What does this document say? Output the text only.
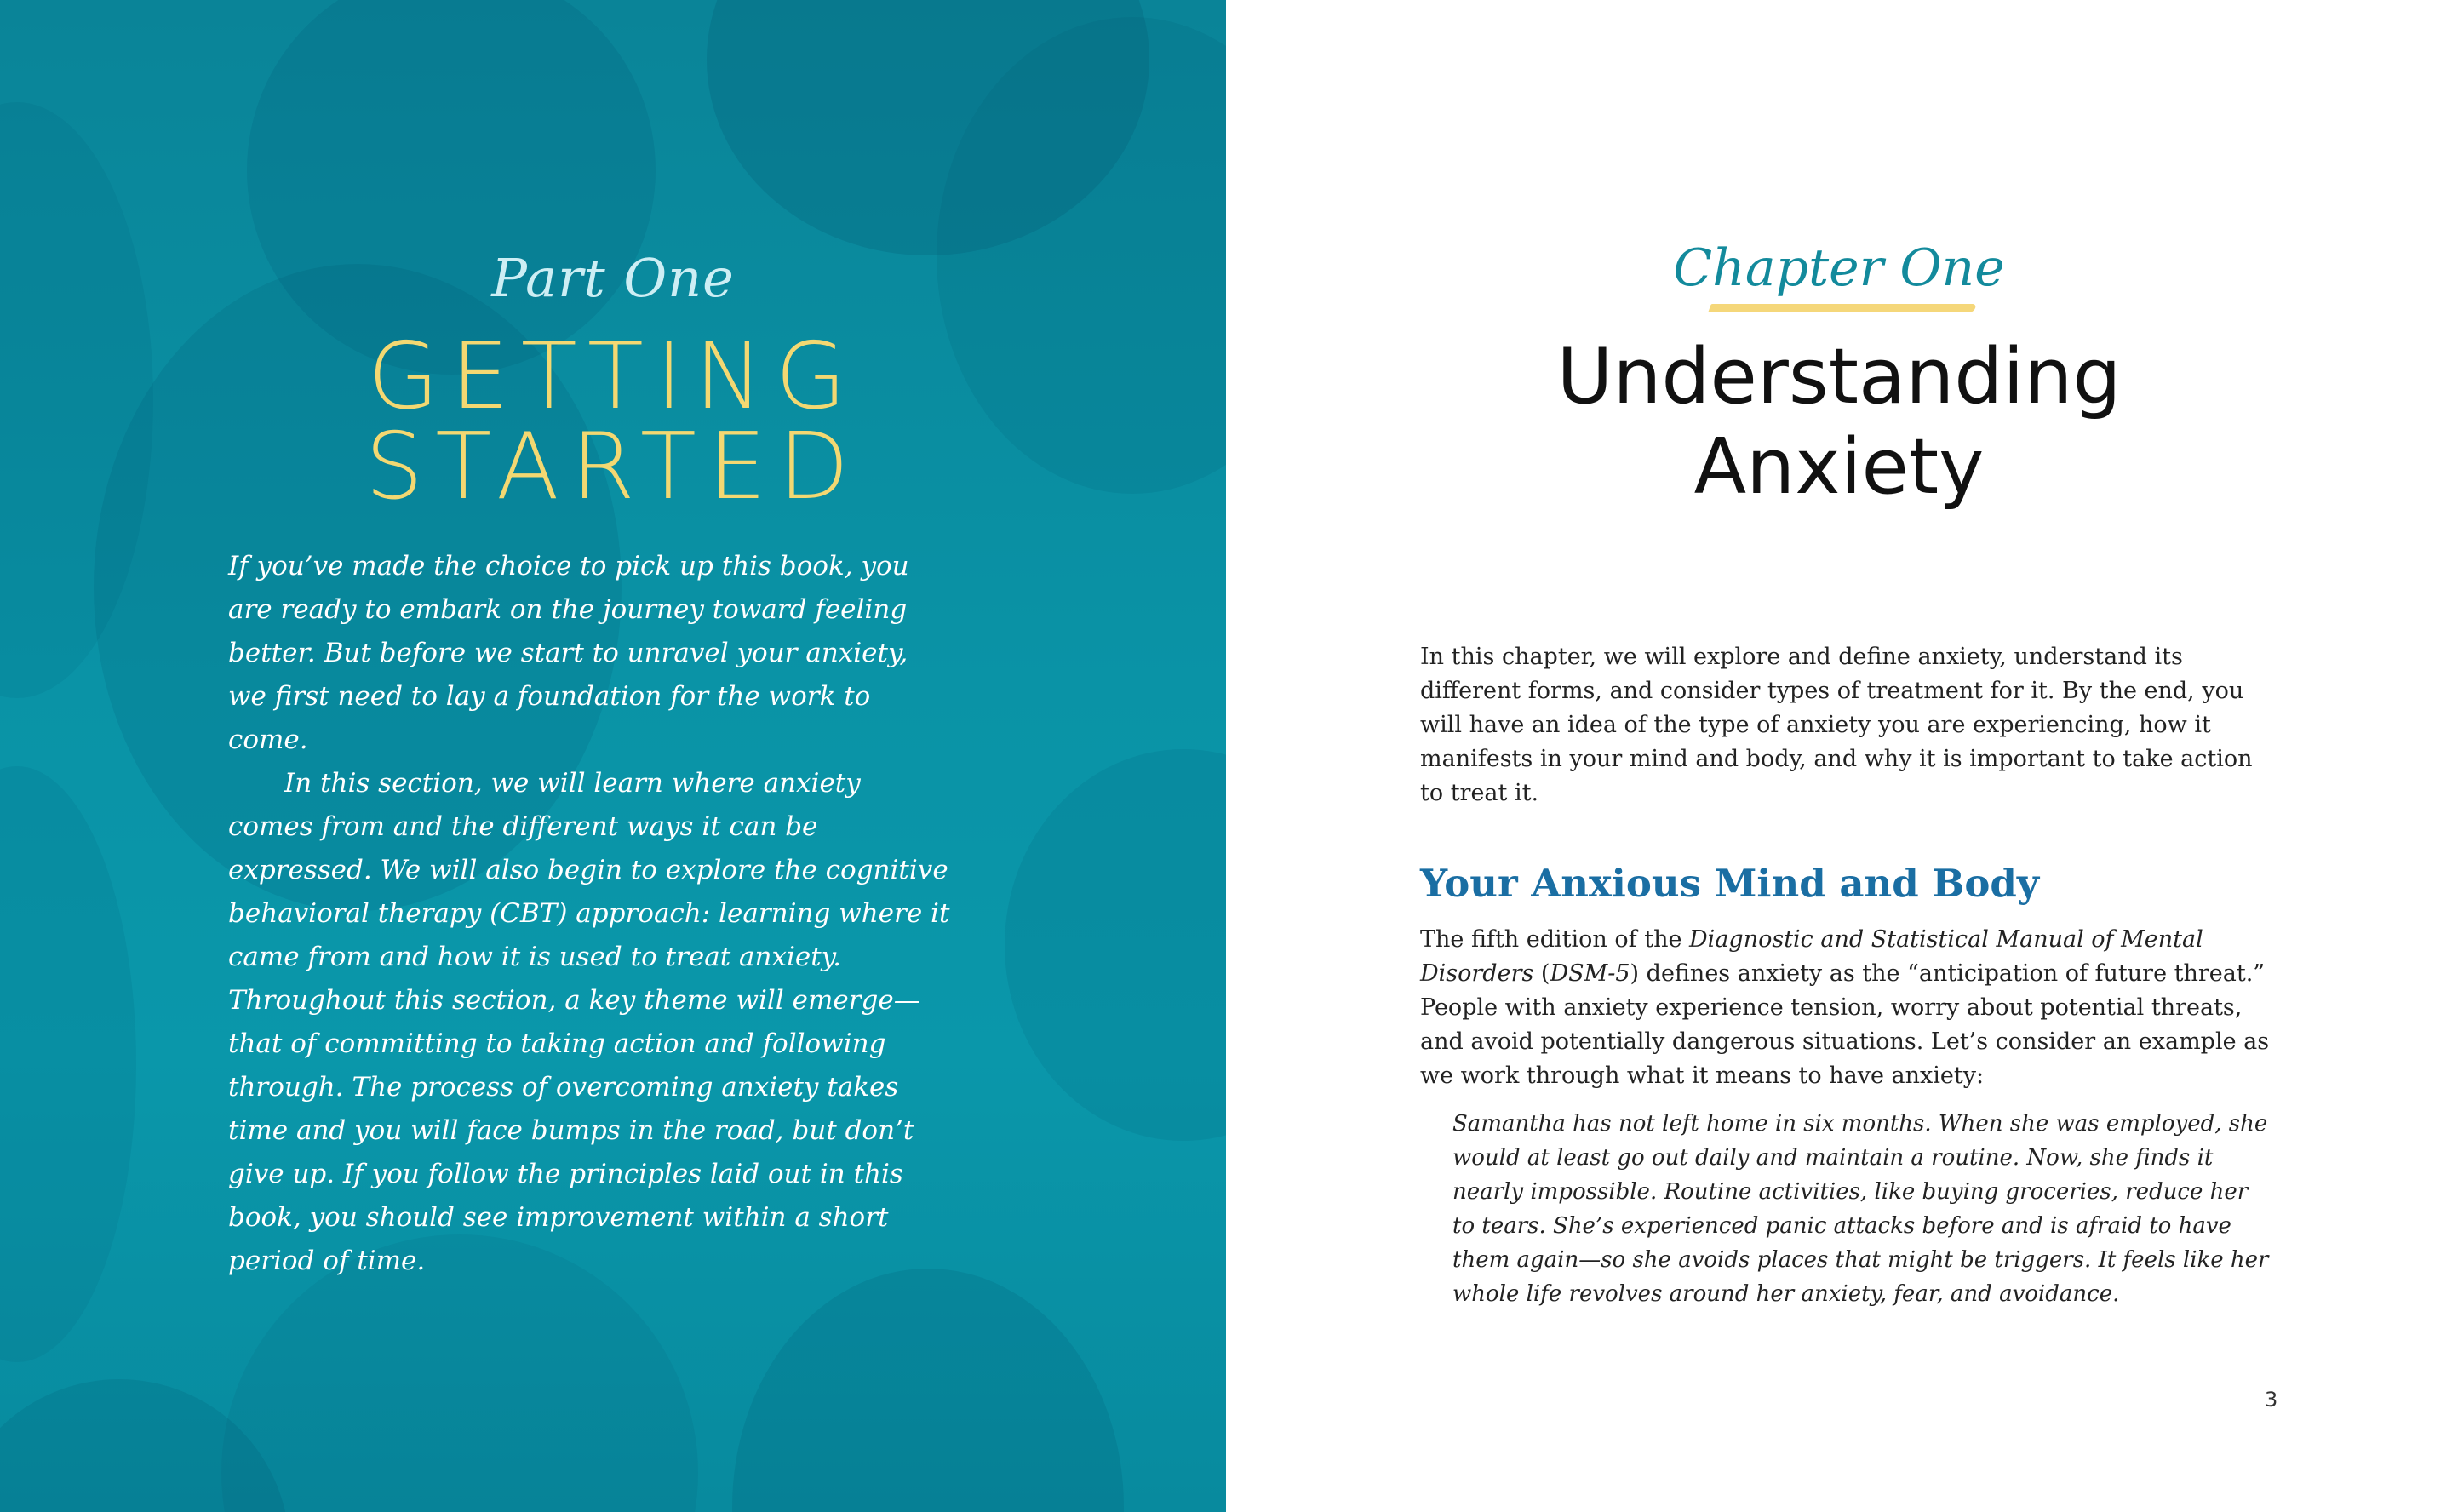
Part One
GETTING
STARTED

If you’ve made the choice to pick up this book, you are ready to embark on the journey toward feeling better. But before we start to unravel your anxiety, we first need to lay a foundation for the work to come.

In this section, we will learn where anxiety comes from and the different ways it can be expressed. We will also begin to explore the cognitive behavioral therapy (CBT) approach: learning where it came from and how it is used to treat anxiety. Throughout this section, a key theme will emerge—that of committing to taking action and following through. The process of overcoming anxiety takes time and you will face bumps in the road, but don’t give up. If you follow the principles laid out in this book, you should see improvement within a short period of time.

Chapter One
Understanding
Anxiety

In this chapter, we will explore and define anxiety, understand its different forms, and consider types of treatment for it. By the end, you will have an idea of the type of anxiety you are experiencing, how it manifests in your mind and body, and why it is important to take action to treat it.

Your Anxious Mind and Body

The fifth edition of the Diagnostic and Statistical Manual of Mental Disorders (DSM-5) defines anxiety as the “anticipation of future threat.” People with anxiety experience tension, worry about potential threats, and avoid potentially dangerous situations. Let’s consider an example as we work through what it means to have anxiety:

Samantha has not left home in six months. When she was employed, she would at least go out daily and maintain a routine. Now, she finds it nearly impossible. Routine activities, like buying groceries, reduce her to tears. She’s experienced panic attacks before and is afraid to have them again—so she avoids places that might be triggers. It feels like her whole life revolves around her anxiety, fear, and avoidance.

3
